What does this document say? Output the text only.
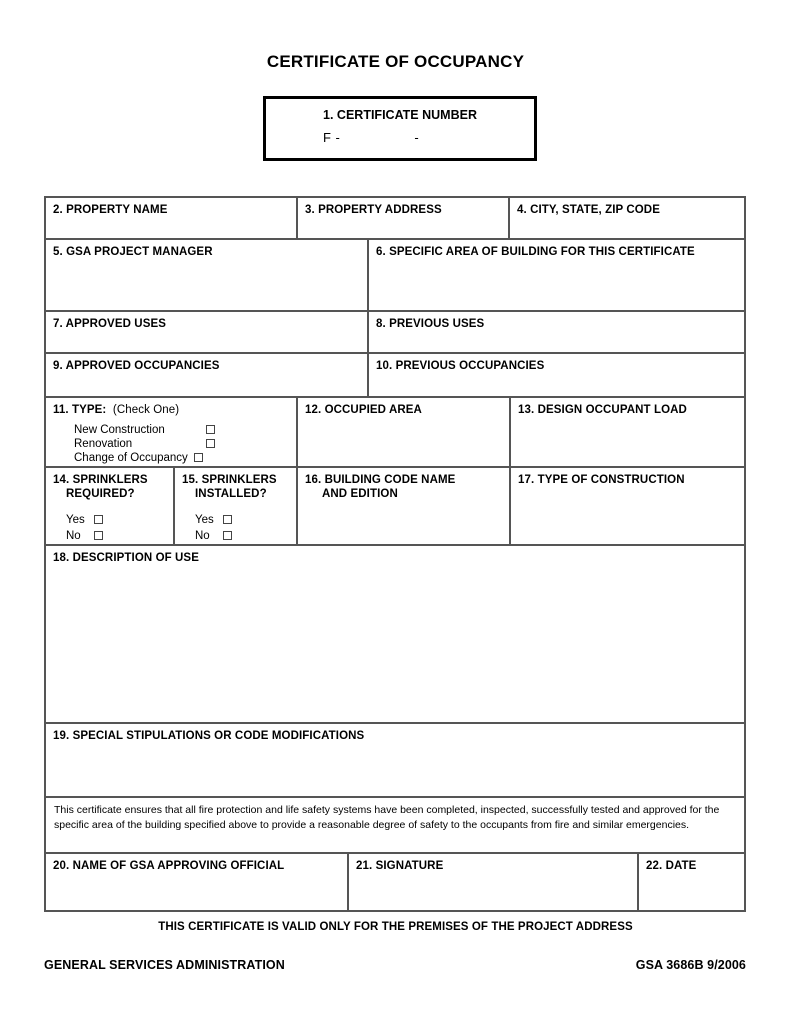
CERTIFICATE OF OCCUPANCY
1. CERTIFICATE NUMBER
F -                  -
2. PROPERTY NAME	3. PROPERTY ADDRESS	4. CITY, STATE, ZIP CODE
5. GSA PROJECT MANAGER	6. SPECIFIC AREA OF BUILDING FOR THIS CERTIFICATE
7. APPROVED USES	8. PREVIOUS USES
9. APPROVED OCCUPANCIES	10. PREVIOUS OCCUPANCIES
11. TYPE: (Check One)
New Construction
Renovation
Change of Occupancy
12. OCCUPIED AREA	13. DESIGN OCCUPANT LOAD
14. SPRINKLERS
REQUIRED?
Yes
No
15. SPRINKLERS
INSTALLED?
Yes
No
16. BUILDING CODE NAME
AND EDITION
17. TYPE OF CONSTRUCTION
18. DESCRIPTION OF USE
19. SPECIAL STIPULATIONS OR CODE MODIFICATIONS
This certificate ensures that all fire protection and life safety systems have been completed, inspected, successfully tested and approved for the specific area of the building specified above to provide a reasonable degree of safety to the occupants from fire and similar emergencies.
20. NAME OF GSA APPROVING OFFICIAL	21. SIGNATURE	22. DATE
THIS CERTIFICATE IS VALID ONLY FOR THE PREMISES OF THE PROJECT ADDRESS
GENERAL SERVICES ADMINISTRATION	GSA 3686B 9/2006
